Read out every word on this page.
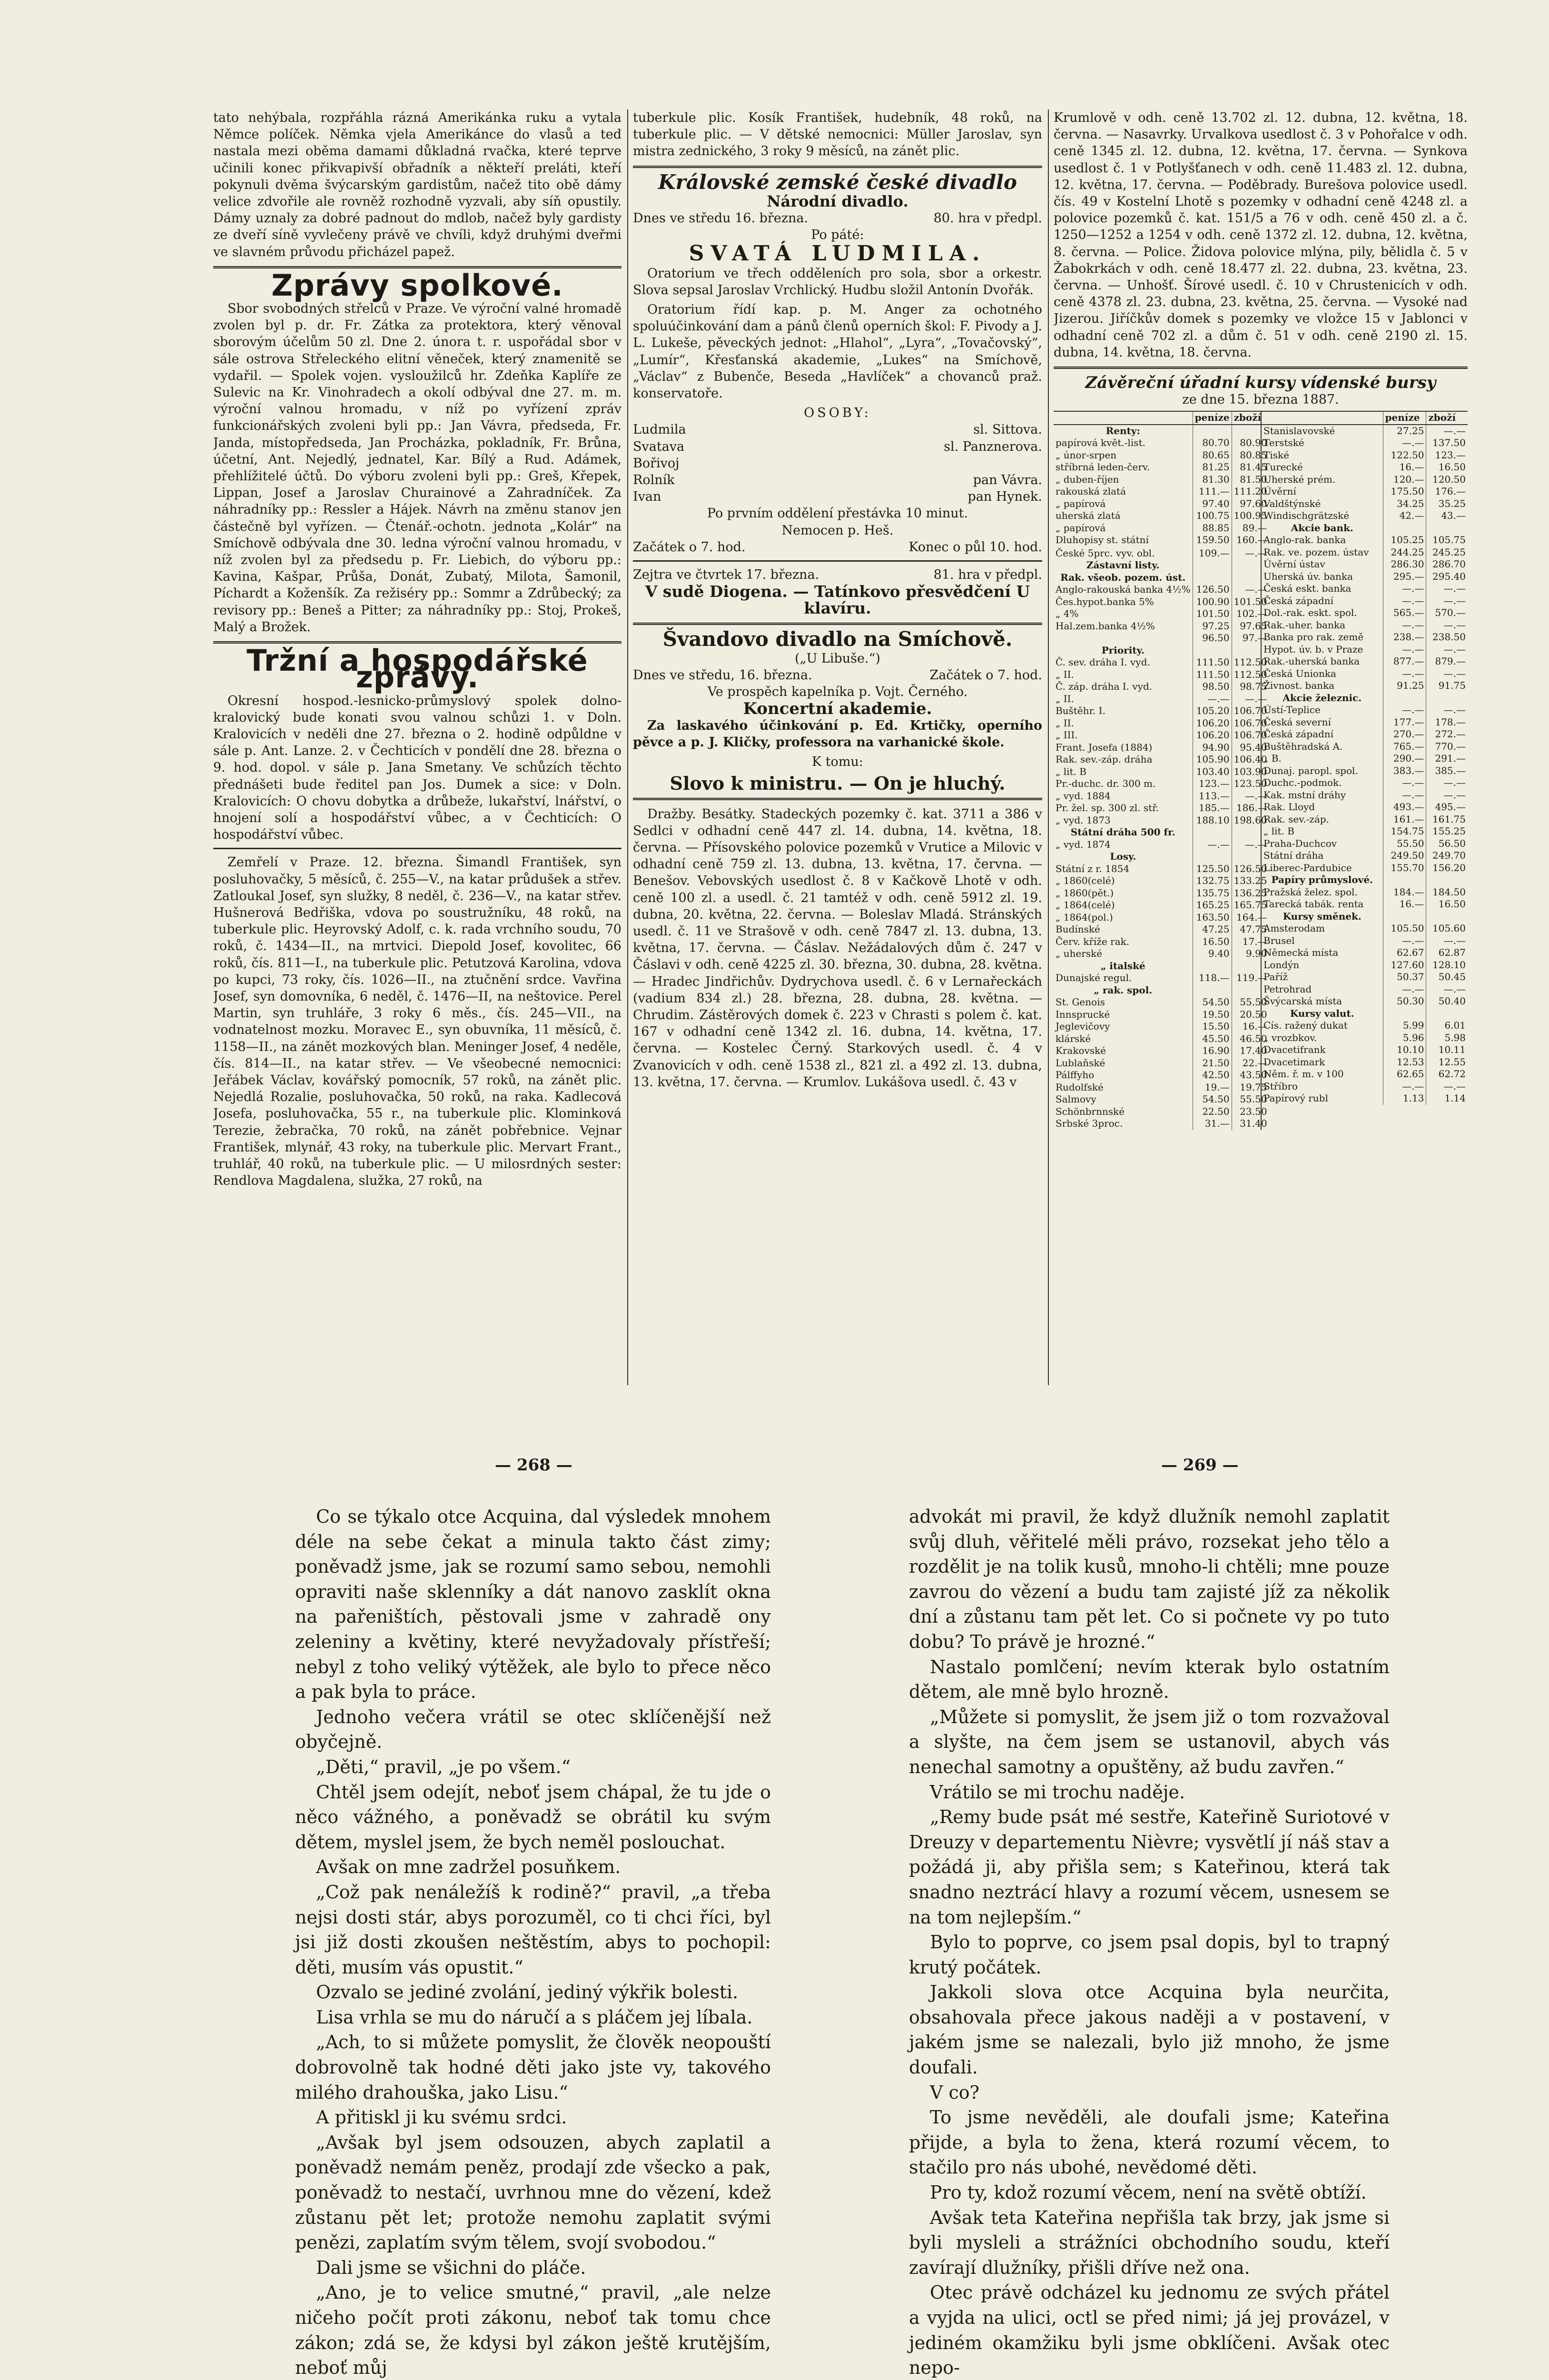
tato nehýbala, rozpřáhla rázná Amerikánka ruku a vytala Němce políček. Němka vjela Amerikánce do vlasů a teď nastala mezi oběma damami důkladná rvačka, které teprve učinili konec přikvapivší obřadník a někteří preláti, kteří pokynuli dvěma švýcarským gardistům, načež tito obě dámy velice zdvořile ale rovněž rozhodně vyzvali, aby síň opustily. Dámy uznaly za dobré padnout do mdlob, načež byly gardisty ze dveří síně vyvlečeny právě ve chvíli, když druhými dveřmi ve slavném průvodu přicházel papež.

Zprávy spolkové.

Sbor svobodných střelců v Praze. Ve výroční valné hromadě zvolen byl p. dr. Fr. Zátka za protektora, který věnoval sborovým účelům 50 zl. Dne 2. února t. r. uspořádal sbor v sále ostrova Střeleckého elitní věneček, který znamenitě se vydařil. — Spolek vojen. vysloužilců hr. Zdeňka Kaplíře ze Sulevic na Kr. Vinohradech a okolí odbýval dne 27. m. m. výroční valnou hromadu, v níž po vyřízení zpráv funkcionářských zvoleni byli pp.: Jan Vávra, předseda, Fr. Janda, místopředseda, Jan Procházka, pokladník, Fr. Brůna, účetní, Ant. Nejedlý, jednatel, Kar. Bílý a Rud. Adámek, přehlížitelé účtů. Do výboru zvoleni byli pp.: Greš, Křepek, Lippan, Josef a Jaroslav Churainové a Zahradníček. Za náhradníky pp.: Ressler a Hájek. Návrh na změnu stanov jen částečně byl vyřízen. — Čtenář.-ochotn. jednota „Kolár“ na Smíchově odbývala dne 30. ledna výroční valnou hromadu, v níž zvolen byl za předsedu p. Fr. Liebich, do výboru pp.: Kavina, Kašpar, Průša, Donát, Zubatý, Milota, Šamonil, Píchardt a Koženšík. Za režiséry pp.: Sommr a Zdrůbecký; za revisory pp.: Beneš a Pitter; za náhradníky pp.: Stoj, Prokeš, Malý a Brožek.

Tržní a hospodářské zprávy.

Okresní hospod.-lesnicko-průmyslový spolek dolno-kralovický bude konati svou valnou schůzi 1. v Doln. Kralovicích v neděli dne 27. března o 2. hodině odpůldne v sále p. Ant. Lanze. 2. v Čechticích v pondělí dne 28. března o 9. hod. dopol. v sále p. Jana Smetany. Ve schůzích těchto přednášeti bude ředitel pan Jos. Dumek a sice: v Doln. Kralovicích: O chovu dobytka a drůbeže, lukařství, lnářství, o hnojení solí a hospodářství vůbec, a v Čechticích: O hospodářství vůbec.

Zemřelí v Praze. 12. března. Šimandl František, syn posluhovačky, 5 měsíců, č. 255—V., na katar průdušek a střev. Zatloukal Josef, syn služky, 8 neděl, č. 236—V., na katar střev. Hušnerová Bedřiška, vdova po soustružníku, 48 roků, na tuberkule plic. Heyrovský Adolf, c. k. rada vrchního soudu, 70 roků, č. 1434—II., na mrtvici. Diepold Josef, kovolitec, 66 roků, čís. 811—I., na tuberkule plic. Petutzová Karolina, vdova po kupci, 73 roky, čís. 1026—II., na ztučnění srdce. Vavřina Josef, syn domovníka, 6 neděl, č. 1476—II, na neštovice. Perel Martin, syn truhláře, 3 roky 6 měs., čís. 245—VII., na vodnatelnost mozku. Moravec E., syn obuvníka, 11 měsíců, č. 1158—II., na zánět mozkových blan. Meninger Josef, 4 neděle, čís. 814—II., na katar střev. — Ve všeobecné nemocnici: Jeřábek Václav, kovářský pomocník, 57 roků, na zánět plic. Nejedlá Rozalie, posluhovačka, 50 roků, na raka. Kadlecová Josefa, posluhovačka, 55 r., na tuberkule plic. Klominková Terezie, žebračka, 70 roků, na zánět pobřebnice. Vejnar František, mlynář, 43 roky, na tuberkule plic. Mervart Frant., truhlář, 40 roků, na tuberkule plic. — U milosrdných sester: Rendlova Magdalena, služka, 27 roků, na

tuberkule plic. Kosík František, hudebník, 48 roků, na tuberkule plic. — V dětské nemocnici: Müller Jaroslav, syn mistra zednického, 3 roky 9 měsíců, na zánět plic.

Královské zemské české divadlo
Národní divadlo.
Dnes ve středu 16. března.	80. hra v předpl.
Po páté:
SVATÁ LUDMILA.

Oratorium ve třech odděleních pro sola, sbor a orkestr. Slova sepsal Jaroslav Vrchlický. Hudbu složil Antonín Dvořák.

Oratorium řídí kap. p. M. Anger za ochotného spoluúčinkování dam a pánů členů operních škol: F. Pivody a J. L. Lukeše, pěveckých jednot: „Hlahol“, „Lyra“, „Tovačovský“, „Lumír“, Křesťanská akademie, „Lukes“ na Smíchově, „Václav“ z Bubenče, Beseda „Havlíček“ a chovanců praž. konservatoře.

OSOBY:
Ludmila	sl. Sittova.
Svatava	sl. Panznerova.
Bořivoj
Rolník	pan Vávra.
Ivan	pan Hynek.
Po prvním oddělení přestávka 10 minut.
Nemocen p. Heš.
Začátek o 7. hod.	Konec o půl 10. hod.
Zejtra ve čtvrtek 17. března.	81. hra v předpl.
V sudě Diogena. — Tatínkovo přesvědčení U klavíru.
Švandovo divadlo na Smíchově.
(„U Libuše.“)
Dnes ve středu, 16. března.	Začátek o 7. hod.
Ve prospěch kapelníka p. Vojt. Černého.
Koncertní akademie.

Za laskavého účinkování p. Ed. Krtičky, operního pěvce a p. J. Kličky, professora na varhanické škole.

K tomu:
Slovo k ministru. — On je hluchý.

Dražby. Besátky. Stadeckých pozemky č. kat. 3711 a 386 v Sedlci v odhadní ceně 447 zl. 14. dubna, 14. května, 18. června. — Přísovského polovice pozemků v Vrutice a Milovic v odhadní ceně 759 zl. 13. dubna, 13. května, 17. června. — Benešov. Vebovských usedlost č. 8 v Kačkově Lhotě v odh. ceně 100 zl. a usedl. č. 21 tamtéž v odh. ceně 5912 zl. 19. dubna, 20. května, 22. června. — Boleslav Mladá. Stránských usedl. č. 11 ve Strašově v odh. ceně 7847 zl. 13. dubna, 13. května, 17. června. — Čáslav. Nežádalových dům č. 247 v Čáslavi v odh. ceně 4225 zl. 30. března, 30. dubna, 28. května. — Hradec Jindřichův. Dydrychova usedl. č. 6 v Lernařeckách (vadium 834 zl.) 28. března, 28. dubna, 28. května. — Chrudim. Zástěrových domek č. 223 v Chrasti s polem č. kat. 167 v odhadní ceně 1342 zl. 16. dubna, 14. května, 17. června. — Kostelec Černý. Starkových usedl. č. 4 v Zvanovicích v odh. ceně 1538 zl., 821 zl. a 492 zl. 13. dubna, 13. května, 17. června. — Krumlov. Lukášova usedl. č. 43 v

Krumlově v odh. ceně 13.702 zl. 12. dubna, 12. května, 18. června. — Nasavrky. Urvalkova usedlost č. 3 v Pohořalce v odh. ceně 1345 zl. 12. dubna, 12. května, 17. června. — Synkova usedlost č. 1 v Potlyšťanech v odh. ceně 11.483 zl. 12. dubna, 12. května, 17. června. — Poděbrady. Burešova polovice usedl. čís. 49 v Kostelní Lhotě s pozemky v odhadní ceně 4248 zl. a polovice pozemků č. kat. 151/5 a 76 v odh. ceně 450 zl. a č. 1250—1252 a 1254 v odh. ceně 1372 zl. 12. dubna, 12. května, 8. června. — Police. Židova polovice mlýna, pily, bělidla č. 5 v Žabokrkách v odh. ceně 18.477 zl. 22. dubna, 23. května, 23. června. — Unhošť. Šírové usedl. č. 10 v Chrustenicích v odh. ceně 4378 zl. 23. dubna, 23. května, 25. června. — Vysoké nad Jizerou. Jiříčkův domek s pozemky ve vložce 15 v Jablonci v odhadní ceně 702 zl. a dům č. 51 v odh. ceně 2190 zl. 15. dubna, 14. května, 18. června.

Závěreční úřadní kursy vídenské bursy
ze dne 15. března 1887.
	peníze	zboží
Renty:		
papírová květ.-list.	80.70	80.90
„ únor-srpen	80.65	80.85
stříbrná leden-červ.	81.25	81.45
„ duben-říjen	81.30	81.50
rakouská zlatá	111.—	111.20
„ papírová	97.40	97.60
uherská zlatá	100.75	100.95
„ papírová	88.85	89.—
Dluhopisy st. státní	159.50	160.—

České 5prc. vyv. obl.	109.—	—.—
Zástavní listy.		
Rak. všeob. pozem. úst.		
Anglo-rakouská banka 4½%	126.50	—.—
Čes.hypot.banka 5%	100.90	101.50
„ 4%	101.50	102.—
Hal.zem.banka 4½%	97.25	97.65
	96.50	97.—
Priority.		
Č. sev. dráha I. vyd.	111.50	112.50
„ II.	111.50	112.50
Č. záp. dráha I. vyd.	98.50	98.75
„ II.	—.—	—.—
Buštěhr. I.	105.20	106.70
„ II.	106.20	106.70
„ III.	106.20	106.70
Frant. Josefa (1884)	94.90	95.40
Rak. sev.-záp. dráha	105.90	106.40
„ lit. B	103.40	103.90
Pr.-duchc. dr. 300 m.	123.—	123.50
„ vyd. 1884	113.—	—.—
Pr. žel. sp. 300 zl. stř.	185.—	186.—
„ vyd. 1873	188.10	198.60
Státní dráha 500 fr.		
„ vyd. 1874	—.—	—.—
Losy.		
Státní z r. 1854	125.50	126.50
„ 1860(celé)	132.75	133.25
„ 1860(pět.)	135.75	136.25
„ 1864(celé)	165.25	165.75
„ 1864(pol.)	163.50	164.—
Budínské	47.25	47.75
Červ. kříže rak.	16.50	17.—
„ uherské	9.40	9.90
„ italské		
Dunajské regul.	118.—	119.—
„ rak. spol.		
St. Genois	54.50	55.50
Innsprucké	19.50	20.50
Jeglevičovy	15.50	16.—
klárské	45.50	46.50
Krakovské	16.90	17.40
Lublaňské	21.50	22.—
Pálffyho	42.50	43.50
Rudolfské	19.—	19.75
Salmovy	54.50	55.50
Schönbrnnské	22.50	23.50
Srbské 3proc.	31.—	31.40
	peníze	zboží
Stanislavovské	27.25	—.—
Terstské	—.—	137.50
Tiské	122.50	123.—
Turecké	16.—	16.50
Uherské prém.	120.—	120.50
Úvěrní	175.50	176.—
Valdštýnské	34.25	35.25
Windischgrätzské	42.—	43.—
Akcie bank.		
Anglo-rak. banka	105.25	105.75
Rak. ve. pozem. ústav	244.25	245.25
Úvěrní ústav	286.30	286.70
Uherská úv. banka	295.—	295.40
Česká eskt. banka	—.—	—.—
Česká západní	—.—	—.—
Dol.-rak. eskt. spol.	565.—	570.—
Rak.-uher. banka	—.—	—.—
Banka pro rak. země	238.—	238.50
Hypot. úv. b. v Praze	—.—	—.—
Rak.-uherská banka	877.—	879.—
Česká Unionka	—.—	—.—
Živnost. banka	91.25	91.75
Akcie železnic.		
Ústí-Teplice	—.—	—.—
Česká severní	177.—	178.—
Česká západní	270.—	272.—
Buštěhradská A.	765.—	770.—
„ B.	290.—	291.—
Dunaj. paropl. spol.	383.—	385.—
Duchc.-podmok.	—.—	—.—
Kak. mstní dráhy	—.—	—.—
Rak. Lloyd	493.—	495.—
Rak. sev.-záp.	161.—	161.75
„ lit. B	154.75	155.25
Praha-Duchcov	55.50	56.50
Státní dráha	249.50	249.70
Liberec-Pardubice	155.70	156.20
Papíry průmyslové.		
Pražská želez. spol.	184.—	184.50
Tarecká tabák. renta	16.—	16.50
Kursy směnek.		
Amsterodam	105.50	105.60
Brusel	—.—	—.—
Německá místa	62.67	62.87
Londýn	127.60	128.10
Paříž	50.37	50.45
Petrohrad	—.—	—.—
Švýcarská místa	50.30	50.40
Kursy valut.		
Cís. ražený dukat	5.99	6.01
„ vrozbkov.	5.96	5.98
Dvacetifrank	10.10	10.11
Dvacetimark	12.53	12.55
Něm. ř. m. v 100	62.65	62.72
Stříbro	—.—	—.—
Papírový rubl	1.13	1.14
— 268 —	— 269 —

Co se týkalo otce Acquina, dal výsledek mnohem déle na sebe čekat a minula takto část zimy; poněvadž jsme, jak se rozumí samo sebou, nemohli opraviti naše sklenníky a dát nanovo zasklít okna na pařeništích, pěstovali jsme v zahradě ony zeleniny a květiny, které nevyžadovaly přístřeší; nebyl z toho veliký výtěžek, ale bylo to přece něco a pak byla to práce.

Jednoho večera vrátil se otec sklíčenější než obyčejně.

„Děti,“ pravil, „je po všem.“

Chtěl jsem odejít, neboť jsem chápal, že tu jde o něco vážného, a poněvadž se obrátil ku svým dětem, myslel jsem, že bych neměl poslouchat.

Avšak on mne zadržel posuňkem.

„Což pak nenáležíš k rodině?“ pravil, „a třeba nejsi dosti stár, abys porozuměl, co ti chci říci, byl jsi již dosti zkoušen neštěstím, abys to pochopil: děti, musím vás opustit.“

Ozvalo se jediné zvolání, jediný výkřik bolesti.

Lisa vrhla se mu do náručí a s pláčem jej líbala.

„Ach, to si můžete pomyslit, že člověk neopouští dobrovolně tak hodné děti jako jste vy, takového milého drahouška, jako Lisu.“

A přitiskl ji ku svému srdci.

„Avšak byl jsem odsouzen, abych zaplatil a poněvadž nemám peněz, prodají zde všecko a pak, poněvadž to nestačí, uvrhnou mne do vězení, kdež zůstanu pět let; protože nemohu zaplatit svými penězi, zaplatím svým tělem, svojí svobodou.“

Dali jsme se všichni do pláče.

„Ano, je to velice smutné,“ pravil, „ale nelze ničeho počít proti zákonu, neboť tak tomu chce zákon; zdá se, že kdysi byl zákon ještě krutějším, neboť můj

advokát mi pravil, že když dlužník nemohl zaplatit svůj dluh, věřitelé měli právo, rozsekat jeho tělo a rozdělit je na tolik kusů, mnoho-li chtěli; mne pouze zavrou do vězení a budu tam zajisté jíž za několik dní a zůstanu tam pět let. Co si počnete vy po tuto dobu? To právě je hrozné.“

Nastalo pomlčení; nevím kterak bylo ostatním dětem, ale mně bylo hrozně.

„Můžete si pomyslit, že jsem již o tom rozvažoval a slyšte, na čem jsem se ustanovil, abych vás nenechal samotny a opuštěny, až budu zavřen.“

Vrátilo se mi trochu naděje.

„Remy bude psát mé sestře, Kateřině Suriotové v Dreuzy v departementu Nièvre; vysvětlí jí náš stav a požádá ji, aby přišla sem; s Kateřinou, která tak snadno neztrácí hlavy a rozumí věcem, usnesem se na tom nejlepším.“

Bylo to poprve, co jsem psal dopis, byl to trapný krutý počátek.

Jakkoli slova otce Acquina byla neurčita, obsahovala přece jakous naději a v postavení, v jakém jsme se nalezali, bylo již mnoho, že jsme doufali.

V co?

To jsme nevěděli, ale doufali jsme; Kateřina přijde, a byla to žena, která rozumí věcem, to stačilo pro nás ubohé, nevědomé děti.

Pro ty, kdož rozumí věcem, není na světě obtíží.

Avšak teta Kateřina nepřišla tak brzy, jak jsme si byli mysleli a strážníci obchodního soudu, kteří zavírají dlužníky, přišli dříve než ona.

Otec právě odcházel ku jednomu ze svých přátel a vyjda na ulici, octl se před nimi; já jej provázel, v jediném okamžiku byli jsme obklíčeni. Avšak otec nepo-
